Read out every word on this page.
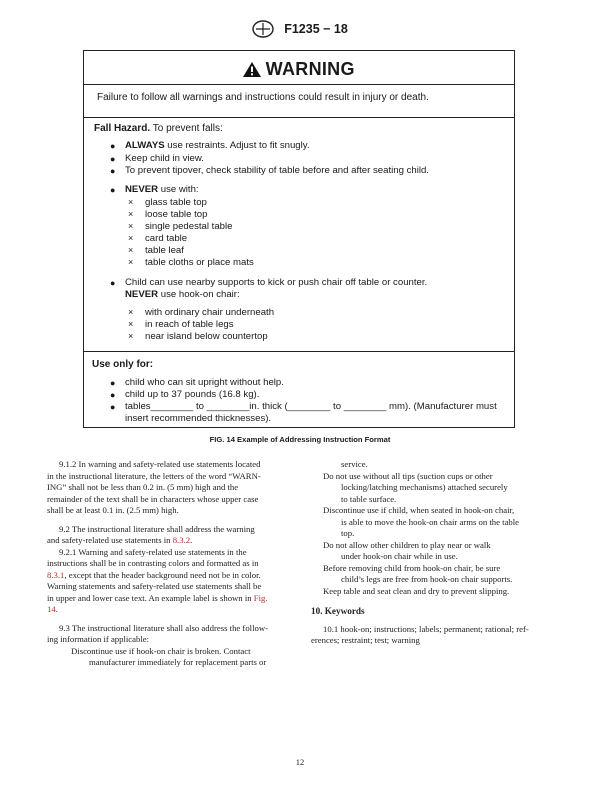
F1235 − 18
WARNING
Failure to follow all warnings and instructions could result in injury or death.
Fall Hazard. To prevent falls:
● ALWAYS use restraints. Adjust to fit snugly.
● Keep child in view.
● To prevent tipover, check stability of table before and after seating child.
● NEVER use with:
× glass table top
× loose table top
× single pedestal table
× card table
× table leaf
× table cloths or place mats
● Child can use nearby supports to kick or push chair off table or counter.
NEVER use hook-on chair:
× with ordinary chair underneath
× in reach of table legs
× near island below countertop
Use only for:
● child who can sit upright without help.
● child up to 37 pounds (16.8 kg).
● tables________ to ________in. thick (________ to ________ mm). (Manufacturer must
insert recommended thicknesses).
FIG. 14 Example of Addressing Instruction Format

9.1.2 In warning and safety-related use statements located

in the instructional literature, the letters of the word “WARN-

ING” shall not be less than 0.2 in. (5 mm) high and the

remainder of the text shall be in characters whose upper case

shall be at least 0.1 in. (2.5 mm) high.

9.2 The instructional literature shall address the warning

and safety-related use statements in 8.3.2.

9.2.1 Warning and safety-related use statements in the

instructions shall be in contrasting colors and formatted as in

8.3.1, except that the header background need not be in color.

Warning statements and safety-related use statements shall be

in upper and lower case text. An example label is shown in Fig.

14.

9.3 The instructional literature shall also address the follow-

ing information if applicable:

Discontinue use if hook-on chair is broken. Contact

manufacturer immediately for replacement parts or

service.

Do not use without all tips (suction cups or other

locking/latching mechanisms) attached securely

to table surface.

Discontinue use if child, when seated in hook-on chair,

is able to move the hook-on chair arms on the table

top.

Do not allow other children to play near or walk

under hook-on chair while in use.

Before removing child from hook-on chair, be sure

child’s legs are free from hook-on chair supports.

Keep table and seat clean and dry to prevent slipping.

10. Keywords

10.1 hook-on; instructions; labels; permanent; rational; ref-

erences; restraint; test; warning

12
